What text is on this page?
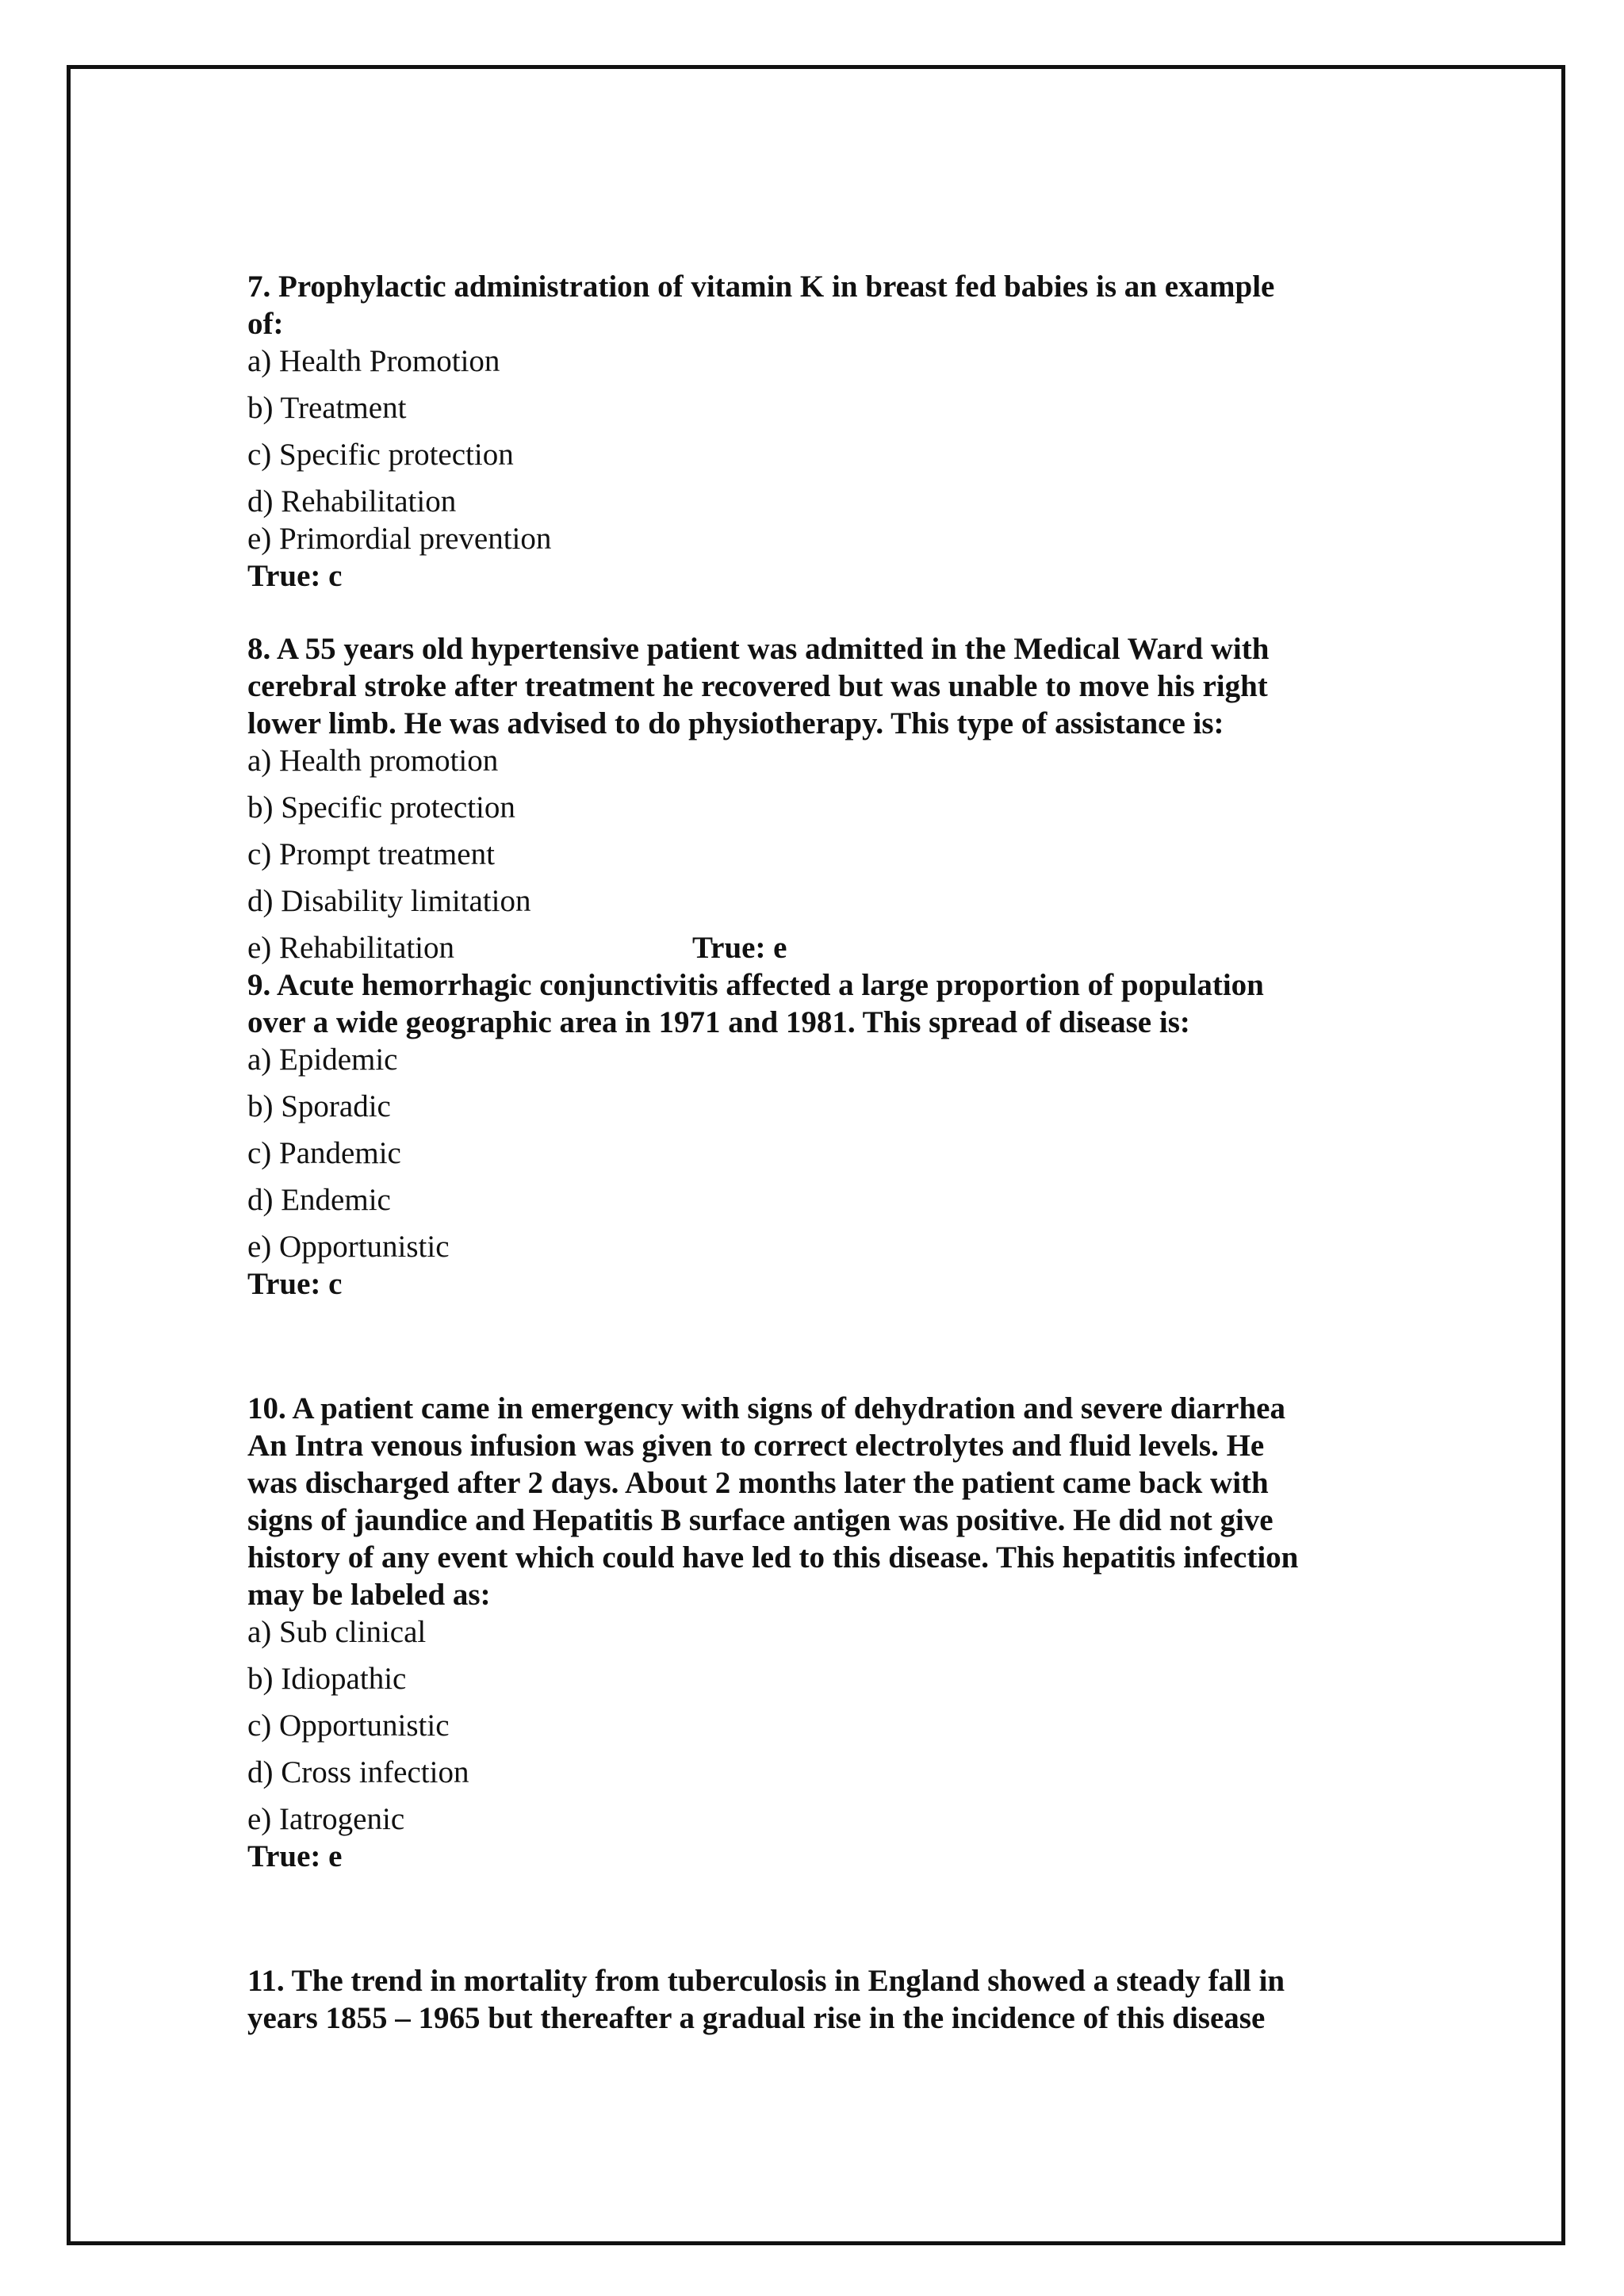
7. Prophylactic administration of vitamin K in breast fed babies is an example

of:

a) Health Promotion

b) Treatment

c) Specific protection

d) Rehabilitation

e) Primordial prevention

True: c

8. A 55 years old hypertensive patient was admitted in the Medical Ward with

cerebral stroke after treatment he recovered but was unable to move his right

lower limb. He was advised to do physiotherapy. This type of assistance is:

a) Health promotion

b) Specific protection

c) Prompt treatment

d) Disability limitation

e) Rehabilitation	True: e

9. Acute hemorrhagic conjunctivitis affected a large proportion of population

over a wide geographic area in 1971 and 1981. This spread of disease is:

a) Epidemic

b) Sporadic

c) Pandemic

d) Endemic

e) Opportunistic

True: c

10. A patient came in emergency with signs of dehydration and severe diarrhea

An Intra venous infusion was given to correct electrolytes and fluid levels. He

was discharged after 2 days. About 2 months later the patient came back with

signs of jaundice and Hepatitis B surface antigen was positive. He did not give

history of any event which could have led to this disease. This hepatitis infection

may be labeled as:

a) Sub clinical

b) Idiopathic

c) Opportunistic

d) Cross infection

e) Iatrogenic

True: e

11. The trend in mortality from tuberculosis in England showed a steady fall in

years 1855 – 1965 but thereafter a gradual rise in the incidence of this disease
